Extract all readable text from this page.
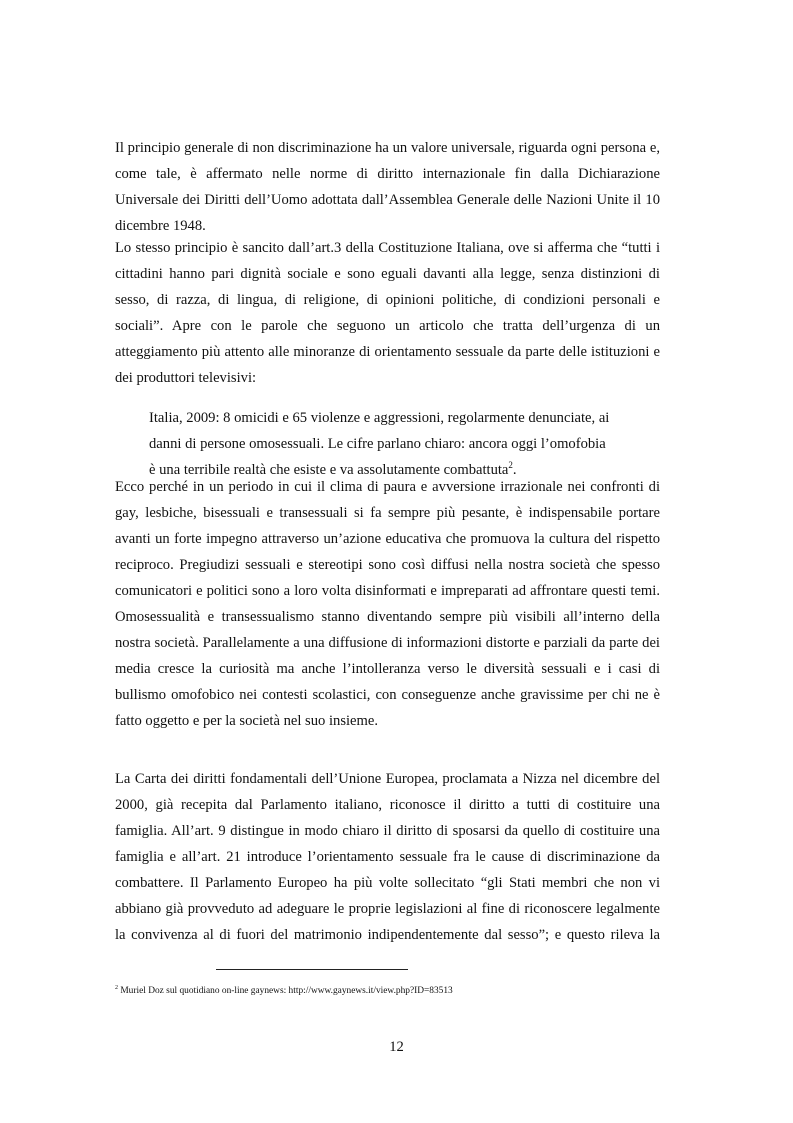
Il principio generale di non discriminazione ha un valore universale, riguarda ogni persona e,
come tale, è affermato nelle norme di diritto internazionale fin dalla Dichiarazione
Universale dei Diritti dell’Uomo adottata dall’Assemblea Generale delle Nazioni Unite il 10
dicembre 1948.
Lo stesso principio è sancito dall’art.3 della Costituzione Italiana, ove si afferma che “tutti i
cittadini hanno pari dignità sociale e sono eguali davanti alla legge, senza distinzioni di
sesso, di razza, di lingua, di religione, di opinioni politiche, di condizioni personali e
sociali”. Apre con le parole che seguono un articolo che tratta dell’urgenza di un
atteggiamento più attento alle minoranze di orientamento sessuale da parte delle istituzioni e
dei produttori televisivi:
Italia, 2009: 8 omicidi e 65 violenze e aggressioni, regolarmente denunciate, ai
danni di persone omosessuali. Le cifre parlano chiaro: ancora oggi l’omofobia
è una terribile realtà che esiste e va assolutamente combattuta$^2$.
Ecco perché in un periodo in cui il clima di paura e avversione irrazionale nei confronti di
gay, lesbiche, bisessuali e transessuali si fa sempre più pesante, è indispensabile portare
avanti un forte impegno attraverso un’azione educativa che promuova la cultura del rispetto
reciproco. Pregiudizi sessuali e stereotipi sono così diffusi nella nostra società che spesso
comunicatori e politici sono a loro volta disinformati e impreparati ad affrontare questi temi.
Omosessualità e transessualismo stanno diventando sempre più visibili all’interno della
nostra società. Parallelamente a una diffusione di informazioni distorte e parziali da parte dei
media cresce la curiosità ma anche l’intolleranza verso le diversità sessuali e i casi di
bullismo omofobico nei contesti scolastici, con conseguenze anche gravissime per chi ne è
fatto oggetto e per la società nel suo insieme.
La Carta dei diritti fondamentali dell’Unione Europea, proclamata a Nizza nel dicembre del
2000, già recepita dal Parlamento italiano, riconosce il diritto a tutti di costituire una
famiglia. All’art. 9 distingue in modo chiaro il diritto di sposarsi da quello di costituire una
famiglia e all’art. 21 introduce l’orientamento sessuale fra le cause di discriminazione da
combattere. Il Parlamento Europeo ha più volte sollecitato “gli Stati membri che non vi
abbiano già provveduto ad adeguare le proprie legislazioni al fine di riconoscere legalmente
la convivenza al di fuori del matrimonio indipendentemente dal sesso”; e questo rileva la
$^2$ Muriel Doz sul quotidiano on-line gaynews: http://www.gaynews.it/view.php?ID=83513
12
